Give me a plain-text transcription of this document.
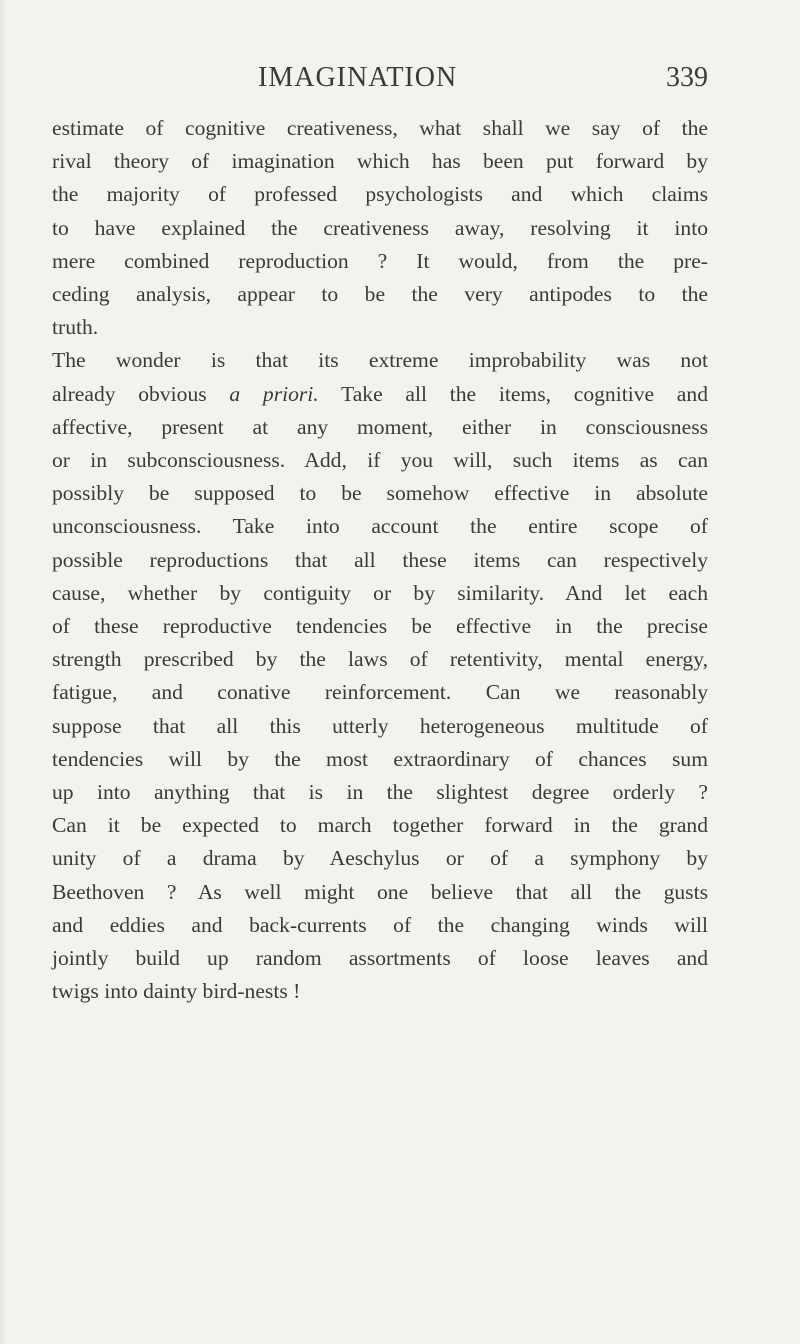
IMAGINATION	339
estimate of cognitive creativeness, what shall we say of the
rival theory of imagination which has been put forward by
the majority of professed psychologists and which claims
to have explained the creativeness away, resolving it into
mere combined reproduction ? It would, from the pre-
ceding analysis, appear to be the very antipodes to the
truth.
The wonder is that its extreme improbability was not
already obvious a priori. Take all the items, cognitive and
affective, present at any moment, either in consciousness
or in subconsciousness. Add, if you will, such items as can
possibly be supposed to be somehow effective in absolute
unconsciousness. Take into account the entire scope of
possible reproductions that all these items can respectively
cause, whether by contiguity or by similarity. And let each
of these reproductive tendencies be effective in the precise
strength prescribed by the laws of retentivity, mental energy,
fatigue, and conative reinforcement. Can we reasonably
suppose that all this utterly heterogeneous multitude of
tendencies will by the most extraordinary of chances sum
up into anything that is in the slightest degree orderly ?
Can it be expected to march together forward in the grand
unity of a drama by Aeschylus or of a symphony by
Beethoven ? As well might one believe that all the gusts
and eddies and back-currents of the changing winds will
jointly build up random assortments of loose leaves and
twigs into dainty bird-nests !
